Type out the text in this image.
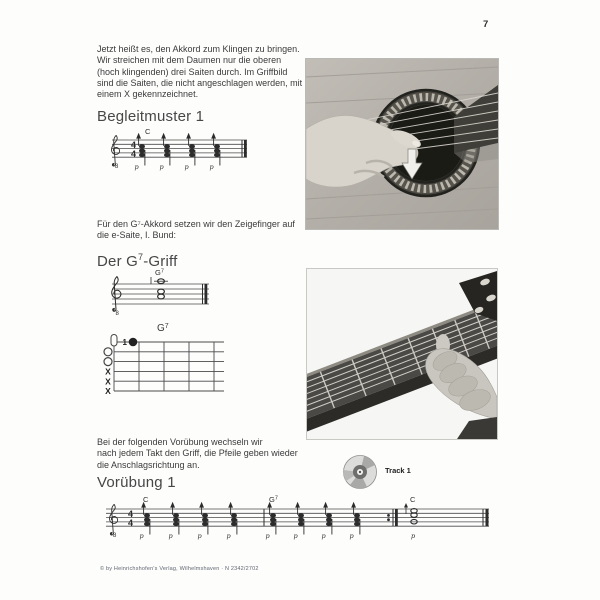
7
Jetzt heißt es, den Akkord zum Klingen zu bringen.
Wir streichen mit dem Daumen nur die oberen
(hoch klingenden) drei Saiten durch. Im Griffbild
sind die Saiten, die nicht angeschlagen werden, mit
einem X gekennzeichnet.
Begleitmuster 1
8
4
4
C
p	p	p	p
Für den G⁷-Akkord setzen wir den Zeigefinger auf
die e-Saite, I. Bund:
Der $G^7$-Griff
8
$G^7$
$G^7$
1
X
X
X
Bei der folgenden Vorübung wechseln wir
nach jedem Takt den Griff, die Pfeile geben wieder
die Anschlagsrichtung an.
Vorübung 1
Track 1
8
4
4
C
p	p	p	p
$G^7$
p	p	p	p
C
p
© by Heinrichshofen's Verlag, Wilhelmshaven · N 2342/2702
